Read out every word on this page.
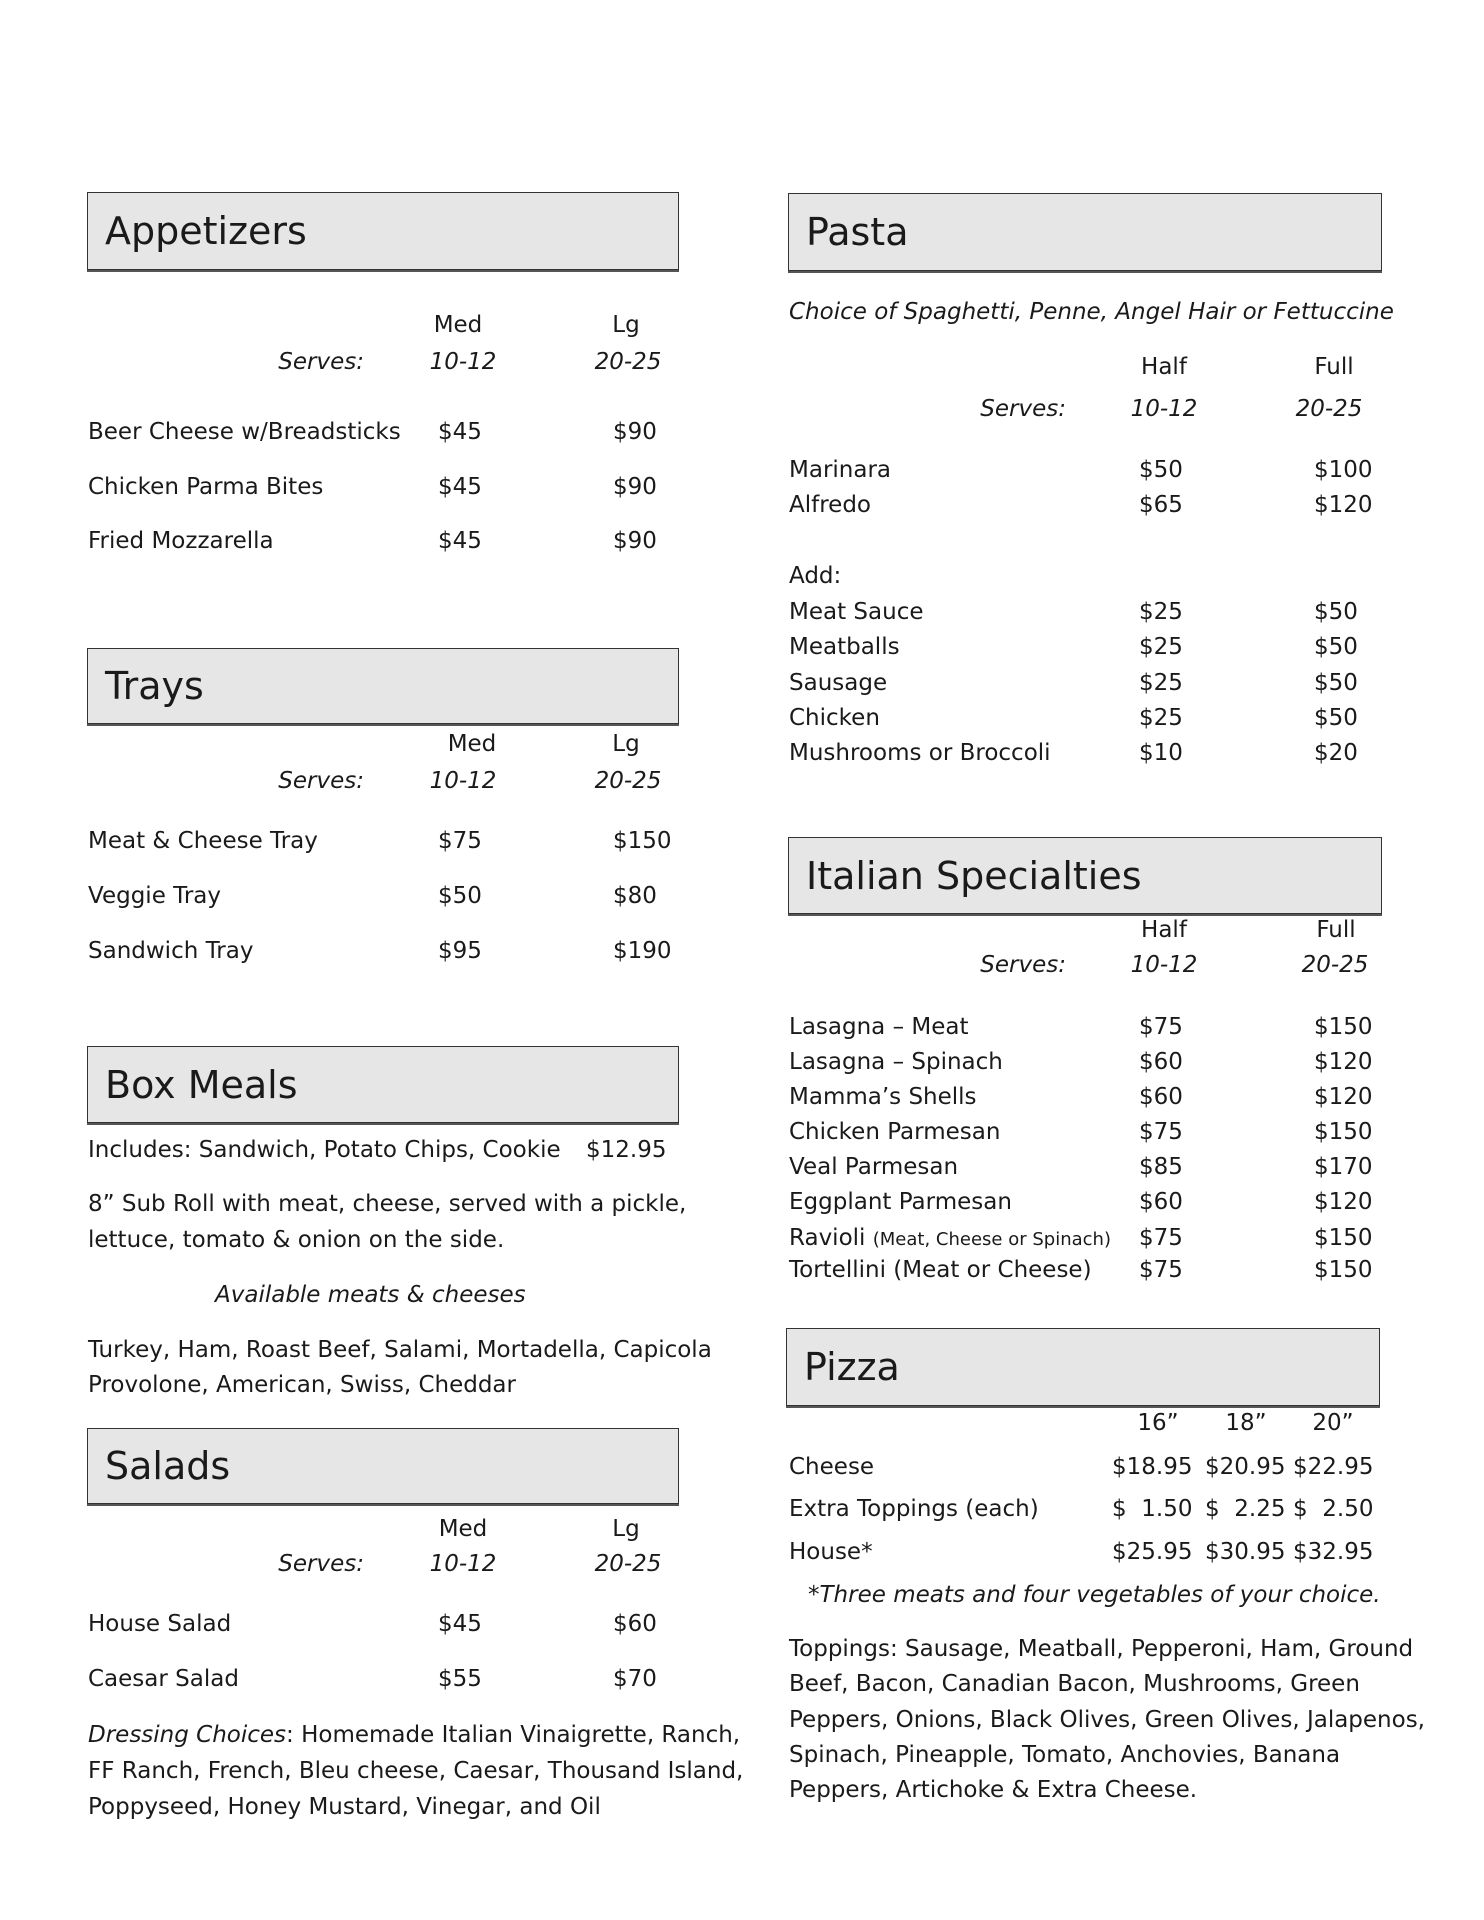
Appetizers
Med	Lg
Serves:	10-12	20-25
Beer Cheese w/Breadsticks $45	$90
Chicken Parma Bites	$45	$90
Fried Mozzarella	$45	$90
Trays
Med	Lg
Serves:	10-12	20-25
Meat & Cheese Tray	$75	$150
Veggie Tray	$50	$80
Sandwich Tray	$95	$190
Box Meals
Includes: Sandwich, Potato Chips, Cookie $12.95
8” Sub Roll with meat, cheese, served with a pickle,
lettuce, tomato & onion on the side.
Available meats & cheeses
Turkey, Ham, Roast Beef, Salami, Mortadella, Capicola
Provolone, American, Swiss, Cheddar
Salads
Med	Lg
Serves:	10-12	20-25
House Salad	$45	$60
Caesar Salad	$55	$70
Dressing Choices: Homemade Italian Vinaigrette, Ranch,
FF Ranch, French, Bleu cheese, Caesar, Thousand Island,
Poppyseed, Honey Mustard, Vinegar, and Oil
Pasta
Choice of Spaghetti, Penne, Angel Hair or Fettuccine
Half	Full
Serves:	10-12	20-25
Marinara	$50	$100
Alfredo	$65	$120
Add:
Meat Sauce	$25	$50
Meatballs	$25	$50
Sausage	$25	$50
Chicken	$25	$50
Mushrooms or Broccoli	$10	$20
Italian Specialties
Half	Full
Serves:	10-12	20-25
Lasagna – Meat	$75	$150
Lasagna – Spinach	$60	$120
Mamma’s Shells	$60	$120
Chicken Parmesan	$75	$150
Veal Parmesan	$85	$170
Eggplant Parmesan	$60	$120
Ravioli (Meat, Cheese or Spinach) $75	$150
Tortellini (Meat or Cheese) $75	$150
Pizza
16”	18”	20”
Cheese	$18.95 $20.95 $22.95
Extra Toppings (each)	$  1.50 $  2.25 $  2.50
House*	$25.95 $30.95 $32.95
*Three meats and four vegetables of your choice.
Toppings: Sausage, Meatball, Pepperoni, Ham, Ground
Beef, Bacon, Canadian Bacon, Mushrooms, Green
Peppers, Onions, Black Olives, Green Olives, Jalapenos,
Spinach, Pineapple, Tomato, Anchovies, Banana
Peppers, Artichoke & Extra Cheese.
